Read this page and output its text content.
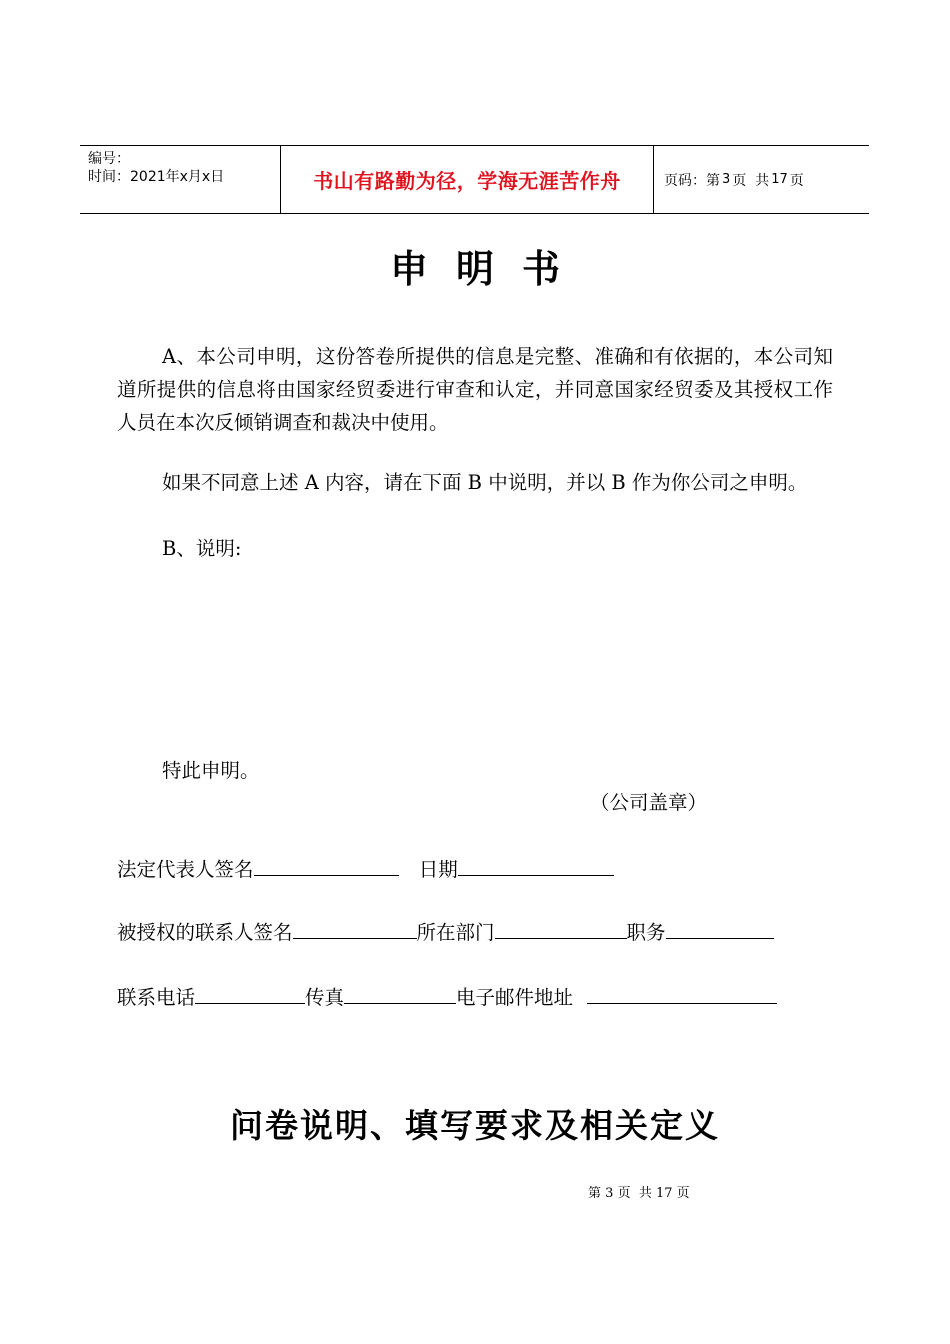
编号：
时间：2021年x月x日	书山有路勤为径，学海无涯苦作舟	页码：第 3 页  共 17 页
申明书
A、本公司申明，这份答卷所提供的信息是完整、准确和有依据的，本公司知道所提供的信息将由国家经贸委进行审查和认定，并同意国家经贸委及其授权工作人员在本次反倾销调查和裁决中使用。
如果不同意上述 A 内容，请在下面 B 中说明，并以 B 作为你公司之申明。
B、说明:
特此申明。
（公司盖章）
法定代表人签名	日期
被授权的联系人签名	所在部门	职务
联系电话	传真	电子邮件地址
问卷说明、填写要求及相关定义
第 3 页  共 17 页
